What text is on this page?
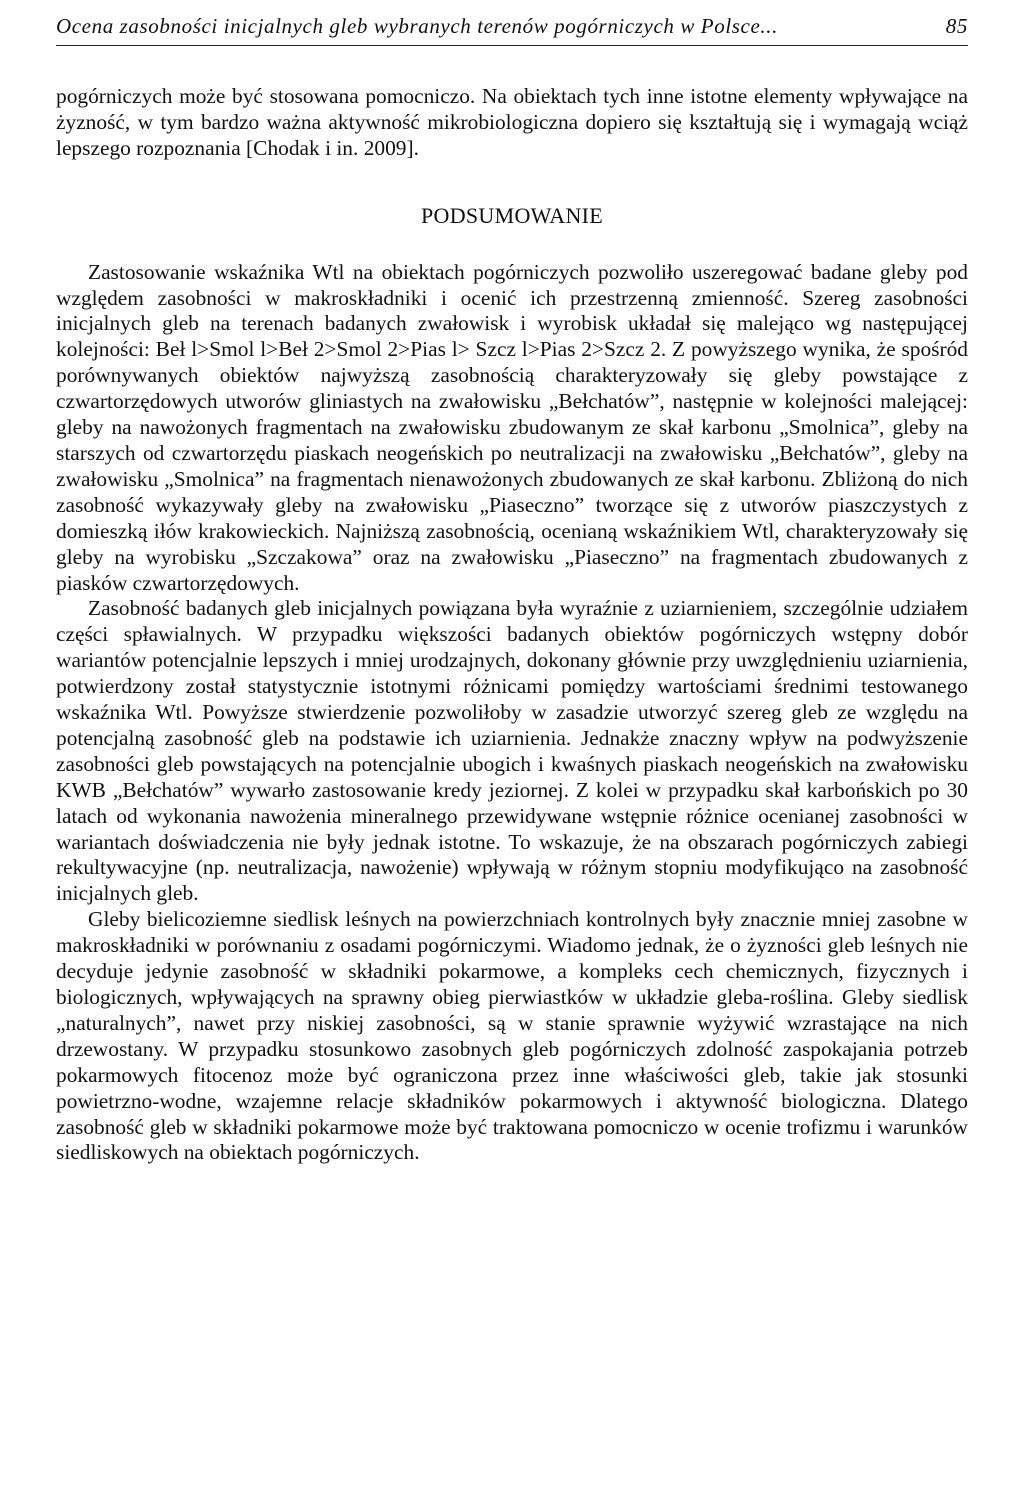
Ocena zasobności inicjalnych gleb wybranych terenów pogórniczych w Polsce...	85

pogórniczych może być stosowana pomocniczo. Na obiektach tych inne istotne elementy wpływające na żyzność, w tym bardzo ważna aktywność mikrobiologiczna dopiero się kształtują się i wymagają wciąż lepszego rozpoznania [Chodak i in. 2009].

PODSUMOWANIE

Zastosowanie wskaźnika Wtl na obiektach pogórniczych pozwoliło uszeregować badane gleby pod względem zasobności w makroskładniki i ocenić ich przestrzenną zmienność. Szereg zasobności inicjalnych gleb na terenach badanych zwałowisk i wyrobisk układał się malejąco wg następującej kolejności: Beł l>Smol l>Beł 2>Smol 2>Pias l> Szcz l>Pias 2>Szcz 2. Z powyższego wynika, że spośród porównywanych obiektów najwyższą zasobnością charakteryzowały się gleby powstające z czwartorzędowych utworów gliniastych na zwałowisku „Bełchatów”, następnie w kolejności malejącej: gleby na nawożonych fragmentach na zwałowisku zbudowanym ze skał karbonu „Smolnica”, gleby na starszych od czwartorzędu piaskach neogeńskich po neutralizacji na zwałowisku „Bełchatów”, gleby na zwałowisku „Smolnica” na fragmentach nienawożonych zbudowanych ze skał karbonu. Zbliżoną do nich zasobność wykazywały gleby na zwałowisku „Piaseczno” tworzące się z utworów piaszczystych z domieszką iłów krakowieckich. Najniższą zasobnością, ocenianą wskaźnikiem Wtl, charakteryzowały się gleby na wyrobisku „Szczakowa” oraz na zwałowisku „Piaseczno” na fragmentach zbudowanych z piasków czwartorzędowych.

Zasobność badanych gleb inicjalnych powiązana była wyraźnie z uziarnieniem, szczególnie udziałem części spławialnych. W przypadku większości badanych obiektów pogórniczych wstępny dobór wariantów potencjalnie lepszych i mniej urodzajnych, dokonany głównie przy uwzględnieniu uziarnienia, potwierdzony został statystycznie istotnymi różnicami pomiędzy wartościami średnimi testowanego wskaźnika Wtl. Powyższe stwierdzenie pozwoliłoby w zasadzie utworzyć szereg gleb ze względu na potencjalną zasobność gleb na podstawie ich uziarnienia. Jednakże znaczny wpływ na podwyższenie zasobności gleb powstających na potencjalnie ubogich i kwaśnych piaskach neogeńskich na zwałowisku KWB „Bełchatów” wywarło zastosowanie kredy jeziornej. Z kolei w przypadku skał karbońskich po 30 latach od wykonania nawożenia mineralnego przewidywane wstępnie różnice ocenianej zasobności w wariantach doświadczenia nie były jednak istotne. To wskazuje, że na obszarach pogórniczych zabiegi rekultywacyjne (np. neutralizacja, nawożenie) wpływają w różnym stopniu modyfikująco na zasobność inicjalnych gleb.

Gleby bielicoziemne siedlisk leśnych na powierzchniach kontrolnych były znacznie mniej zasobne w makroskładniki w porównaniu z osadami pogórniczymi. Wiadomo jednak, że o żyzności gleb leśnych nie decyduje jedynie zasobność w składniki pokarmowe, a kompleks cech chemicznych, fizycznych i biologicznych, wpływających na sprawny obieg pierwiastków w układzie gleba-roślina. Gleby siedlisk „naturalnych”, nawet przy niskiej zasobności, są w stanie sprawnie wyżywić wzrastające na nich drzewostany. W przypadku stosunkowo zasobnych gleb pogórniczych zdolność zaspokajania potrzeb pokarmowych fitocenoz może być ograniczona przez inne właściwości gleb, takie jak stosunki powietrzno-wodne, wzajemne relacje składników pokarmowych i aktywność biologiczna. Dlatego zasobność gleb w składniki pokarmowe może być traktowana pomocniczo w ocenie trofizmu i warunków siedliskowych na obiektach pogórniczych.
